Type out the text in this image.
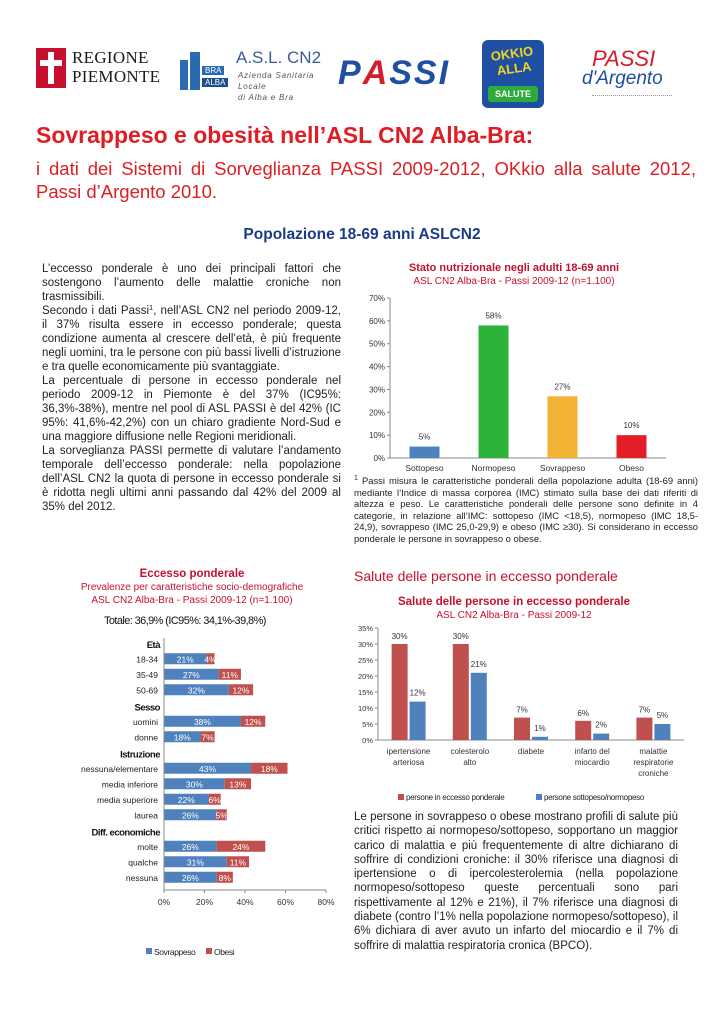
REGIONE
PIEMONTE	BRA
ALBA
A.S.L. CN2
Azienda Sanitaria Locale
di Alba e Bra
PASSI
OKKIO ALLA
SALUTE
PASSI
d'Argento
Sovrappeso e obesità nell’ASL CN2 Alba-Bra:
i dati dei Sistemi di Sorveglianza PASSI 2009-2012, OKkio alla salute 2012, Passi d’Argento 2010.
Popolazione 18-69 anni ASLCN2

L’eccesso ponderale è uno dei principali fattori che sostengono l’aumento delle malattie croniche non trasmissibili.

Secondo i dati Passi$^1$, nell’ASL CN2 nel periodo 2009-12, il 37% risulta essere in eccesso ponderale; questa condizione aumenta al crescere dell’età, è più frequente negli uomini, tra le persone con più bassi livelli d’istruzione e tra quelle economicamente più svantaggiate.

La percentuale di persone in eccesso ponderale nel periodo 2009-12 in Piemonte è del 37% (IC95%: 36,3%-38%), mentre nel pool di ASL PASSI è del 42% (IC 95%: 41,6%-42,2%) con un chiaro gradiente Nord-Sud e una maggiore diffusione nelle Regioni meridionali.

La sorveglianza PASSI permette di valutare l’andamento temporale dell’eccesso ponderale: nella popolazione dell’ASL CN2 la quota di persone in eccesso ponderale si è ridotta negli ultimi anni passando dal 42% del 2009 al 35% del 2012.

Stato nutrizionale negli adulti 18-69 anni
ASL CN2 Alba-Bra - Passi 2009-12 (n=1.100)
0%
10%
20%
30%
40%
50%
60%
70%
5%
Sottopeso
58%
Normopeso
27%
Sovrappeso
10%
Obeso
$^1$ Passi misura le caratteristiche ponderali della popolazione adulta (18-69 anni) mediante l’Indice di massa corporea (IMC) stimato sulla base dei dati riferiti di altezza e peso. Le caratteristiche ponderali delle persone sono definite in 4 categorie, in relazione all’IMC: sottopeso (IMC <18,5), normopeso (IMC 18,5-24,9), sovrappeso (IMC 25,0-29,9) e obeso (IMC ≥30). Si considerano in eccesso ponderale le persone in sovrappeso o obese.
Eccesso ponderale
Prevalenze per caratteristiche socio-demografiche
ASL CN2 Alba-Bra - Passi 2009-12 (n=1.100)
Totale: 36,9% (IC95%: 34,1%-39,8%)
Età
18-34 21% 4%
35-49	27%	11%
50-69	32%	12%
Sesso
uomini	38%	12%
donne 18% 7%
Istruzione
nessuna/elementare	43%	18%
media inferiore	30%	13%
media superiore 22% 6%
laurea	26% 5%
Diff. economiche
molte	26%	24%
qualche	31%	11%
nessuna	26% 8%
0%	20%	40%	60%	80%
Sovrappeso Obesi
Salute delle persone in eccesso ponderale
Salute delle persone in eccesso ponderale
ASL CN2 Alba-Bra - Passi 2009-12
0%
5%
10%
15%
20%
25%
30%
35%
30%
12%
ipertensione
arteriosa
30%
21%
colesterolo
alto
7%
1%
diabete
6%
2%
infarto del
miocardio
7%
5%
malattie
respiratorie
croniche
persone in eccesso ponderale	persone sottopeso/normopeso
Le persone in sovrappeso o obese mostrano profili di salute più critici rispetto ai normopeso/sottopeso, sopportano un maggior carico di malattia e più frequentemente di altre dichiarano di soffrire di condizioni croniche: il 30% riferisce una diagnosi di ipertensione o di ipercolesterolemia (nella popolazione normopeso/sottopeso queste percentuali sono pari rispettivamente al 12% e 21%), il 7% riferisce una diagnosi di diabete (contro l’1% nella popolazione normopeso/sottopeso), il 6% dichiara di aver avuto un infarto del miocardio e il 7% di soffrire di malattia respiratoria cronica (BPCO).
